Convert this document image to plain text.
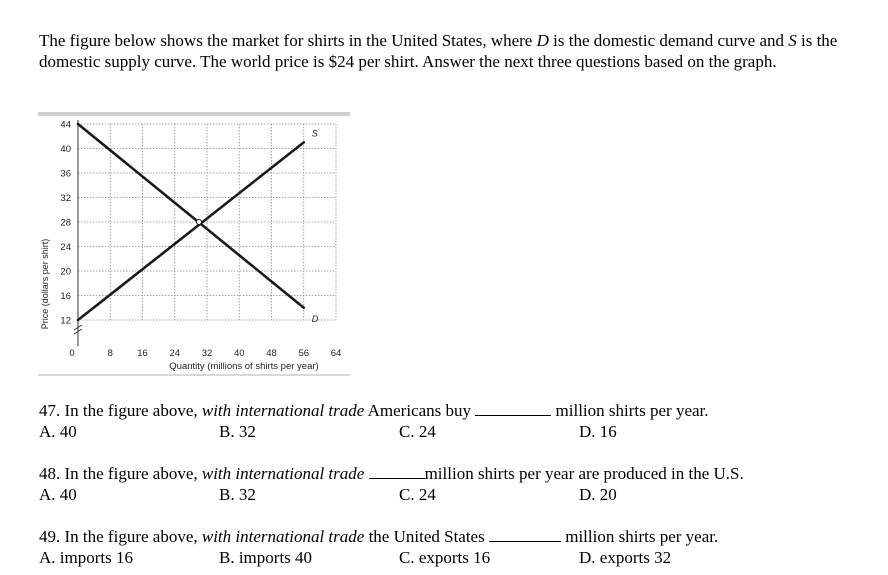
The figure below shows the market for shirts in the United States, where D is the domestic demand curve and S is the domestic supply curve. The world price is $24 per shirt. Answer the next three questions based on the graph.

12
16
20
24
28
32
36
40
44
0	8	16 24 32 40 48 56 64
D
S
Quantity (millions of shirts per year)
Price (dollars per shirt)
47. In the figure above, with international trade Americans buy	million shirts per year.
A. 40	B. 32	C. 24	D. 16
48. In the figure above, with international trade	million shirts per year are produced in the U.S.
A. 40	B. 32	C. 24	D. 20
49. In the figure above, with international trade the United States	million shirts per year.
A. imports 16	B. imports 40	C. exports 16	D. exports 32
